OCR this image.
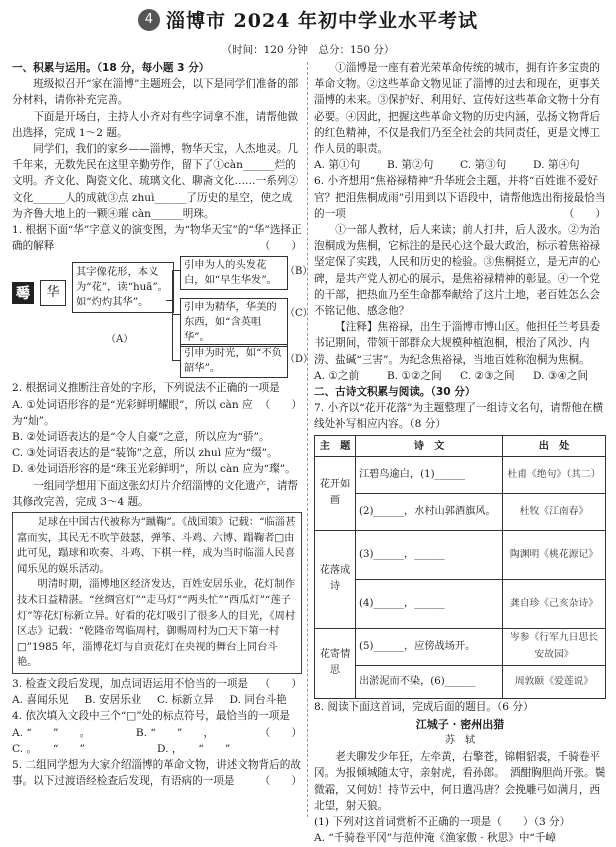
4 淄博市 2024 年初中学业水平考试
（时间：120 分钟　总分：150 分）

一、积累与运用。（18 分，每小题 3 分）

班级拟召开“家在淄博”主题班会，以下是同学们准备的部分材料，请你补充完善。

下面是开场白，主持人小齐对有些字词拿不准，请帮他做出选择，完成 1～2 题。

同学们，我们的家乡——淄博，物华天宝，人杰地灵。几千年来，无数先民在这里辛勤劳作，留下了①càn______烂的文明。齐文化、陶瓷文化、琉璃文化、聊斋文化……一系列②文化______人的成就③点 zhuì______了历史的星空，使之成为齐鲁大地上的一颗④璀 càn______明珠。

1. 根据下面“华”字意义的演变图，为“物华天宝”的“华”选择正确的解释	（　　）

𠌶	华
其字像花形，本义为“花”，读“huā”。如“灼灼其华”。
（A）
引申为人的头发花白，如“早生华发”。
（B）
引申为精华，华美的东西，如“含英咀华”。
（C）
引申为时光，如“不负韶华”。
（D）

2. 根据词义推断注音处的字形，下列说法不正确的一项是
（　　）

A. ①处词语形容的是“光彩鲜明耀眼”，所以 càn 应为“灿”。

B. ②处词语表达的是“令人自豪”之意，所以应为“骄”。

C. ③处词语表达的是“装饰”之意，所以 zhuì 应为“缀”。

D. ④处词语形容的是“珠玉光彩鲜明”，所以 càn 应为“璨”。

一组同学想用下面这张幻灯片介绍淄博的文化遗产，请帮其修改完善，完成 3～4 题。

足球在中国古代被称为“蹴鞠”。《战国策》记载：“临淄甚富而实，其民无不吹竽鼓瑟，弹筝、斗鸡、六博、蹋鞠者□由此可见，蹋球和吹奏、斗鸡、下棋一样，成为当时临淄人民喜闻乐见的娱乐活动。

明清时期，淄博地区经济发达，百姓安居乐业，花灯制作技术日益精湛。“丝绸宫灯”“走马灯”“两头忙”“西瓜灯”“莲子灯”等花灯标新立异。好看的花灯吸引了很多人的目光，《周村区志》记载：“乾隆帝驾临周村，御赐周村为□天下第一村□”1985 年，淄博花灯与自贡花灯在央视的舞台上同台斗艳。

3. 检查文段后发现，加点词语运用不恰当的一项是 （　　）

A. 喜闻乐见	B. 安居乐业	C. 标新立异	D. 同台斗艳

4. 依次填入文段中三个“□”处的标点符号，最恰当的一项是
（　　）

A. “　　”　　。	B. “　　”　　，
C. 。　　“　　”	D. ，　　“　　”

5. 二组同学想为大家介绍淄博的革命文物，讲述文物背后的故事。以下过渡语经检查后发现，有语病的一项是 （　　）

①淄博是一座有着光荣革命传统的城市，拥有许多宝贵的革命文物。②这些革命文物见证了淄博的过去和现在，更事关淄博的未来。③保护好、利用好、宣传好这些革命文物十分有必要。④因此，把握这些革命文物的历史内涵，弘扬文物背后的红色精神，不仅是我们乃至全社会的共同责任，更是文博工作人员的职责。

A. 第①句	B. 第②句	C. 第③句	D. 第④句

6. 小齐想用“焦裕禄精神”升华班会主题，并将“百姓谁不爱好官？把泪焦桐成雨”引用到以下语段中，请帮他选出衔接最恰当的一项	（　　）

①一部人教材，后人来读；前人打井，后人汲水。②为治泡桐成为焦桐，它标注的是民心这个最大政治，标示着焦裕禄坚定保了实践，人民和历史的检验。③焦桐挺立，是无声的心碑，是共产党人初心的展示，是焦裕禄精神的彰显。④一个党的干部，把热血乃至生命都奉献给了这片土地，老百姓怎么会不铭记他、感念他？

【注释】焦裕禄，出生于淄博市博山区。他担任兰考县委书记期间，带领干部群众大规模种植泡桐，根治了风沙、内涝、盐碱“三害”。为纪念焦裕禄，当地百姓称泡桐为焦桐。

A. ①之前	B. ①②之间	C. ②③之间	D. ③④之间

二、古诗文积累与阅读。（30 分）

7. 小齐以“花开花落”为主题整理了一组诗文名句，请帮他在横线处补写相应内容。（8 分）

主　题	诗　文	出　处
花开如画	江碧鸟逾白，(1)______	杜甫《绝句》（其二）
	(2)______，水村山郭酒旗风。	杜牧《江南春》
花落成诗	(3)______，______	陶渊明《桃花源记》
	(4)______，______	龚自珍《己亥杂诗》
花寄情思	(5)______，应傍战场开。	岑参《行军九日思长安故园》
	出淤泥而不染，(6)______	周敦颐《爱莲说》

8. 阅读下面这首词，完成后面的题目。（6 分）

江城子 · 密州出猎
苏　轼

老夫聊发少年狂，左牵黄，右擎苍，锦帽貂裘，千骑卷平冈。为报倾城随太守，亲射虎，看孙郎。　酒酣胸胆尚开张。鬓微霜，又何妨！持节云中，何日遣冯唐？会挽雕弓如满月，西北望，射天狼。

(1) 下列对这首词赏析不正确的一项是（　　）（3 分）

A. “千骑卷平冈”与范仲淹《渔家傲 · 秋思》中“千嶂
